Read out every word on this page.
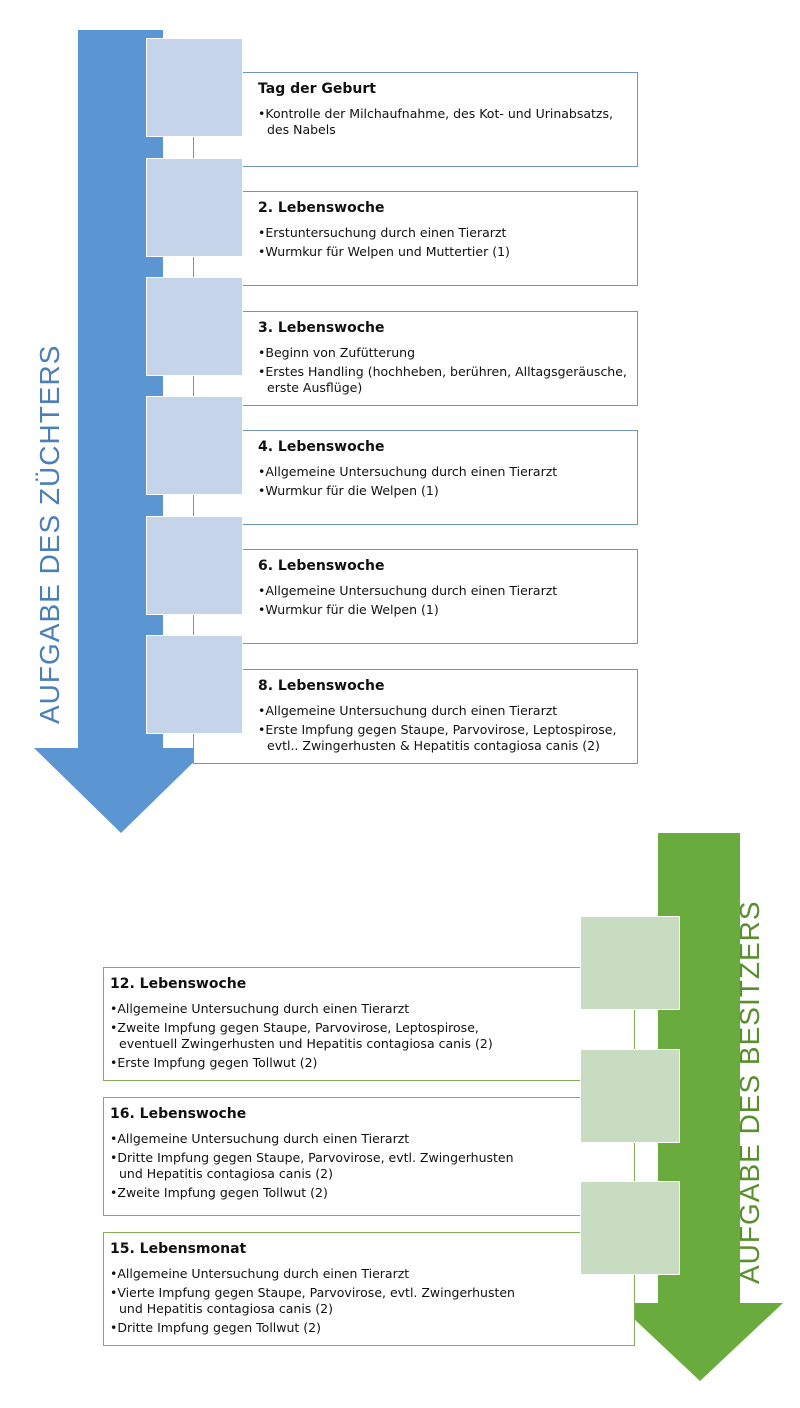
AUFGABE DES ZÜCHTERS
AUFGABE DES BESITZERS
Tag der Geburt
• Kontrolle der Milchaufnahme, des Kot- und Urinabsatzs, des Nabels
2. Lebenswoche
• Erstuntersuchung durch einen Tierarzt
• Wurmkur für Welpen und Muttertier (1)
3. Lebenswoche
• Beginn von Zufütterung
• Erstes Handling (hochheben, berühren, Alltagsgeräusche, erste Ausflüge)
4. Lebenswoche
• Allgemeine Untersuchung durch einen Tierarzt
• Wurmkur für die Welpen (1)
6. Lebenswoche
• Allgemeine Untersuchung durch einen Tierarzt
• Wurmkur für die Welpen (1)
8. Lebenswoche
• Allgemeine Untersuchung durch einen Tierarzt
• Erste Impfung gegen Staupe, Parvovirose, Leptospirose, evtl.. Zwingerhusten & Hepatitis contagiosa canis (2)
12. Lebenswoche
• Allgemeine Untersuchung durch einen Tierarzt
• Zweite Impfung gegen Staupe, Parvovirose, Leptospirose, eventuell Zwingerhusten und Hepatitis contagiosa canis (2)
• Erste Impfung gegen Tollwut (2)
16. Lebenswoche
• Allgemeine Untersuchung durch einen Tierarzt
• Dritte Impfung gegen Staupe, Parvovirose, evtl. Zwingerhusten und Hepatitis contagiosa canis (2)
• Zweite Impfung gegen Tollwut (2)
15. Lebensmonat
• Allgemeine Untersuchung durch einen Tierarzt
• Vierte Impfung gegen Staupe, Parvovirose, evtl. Zwingerhusten und Hepatitis contagiosa canis (2)
• Dritte Impfung gegen Tollwut (2)
